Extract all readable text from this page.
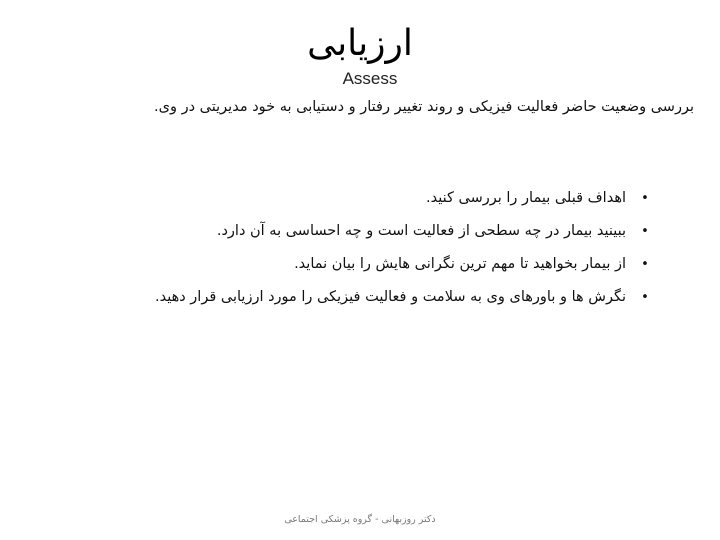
ارزیابی
Assess
بررسی وضعیت حاضر فعالیت فیزیکی و روند تغییر رفتار و دستیابی به خود مدیریتی در وی.
•
اهداف قبلی بیمار را بررسی کنید.
•
ببینید بیمار در چه سطحی از فعالیت است و چه احساسی به آن دارد.
•
از بیمار بخواهید تا مهم ترین نگرانی هایش را بیان نماید.
•
نگرش ها و باورهای وی به سلامت و فعالیت فیزیکی را مورد ارزیابی قرار دهید.
دکتر روزبهانی - گروه پزشکی اجتماعی
